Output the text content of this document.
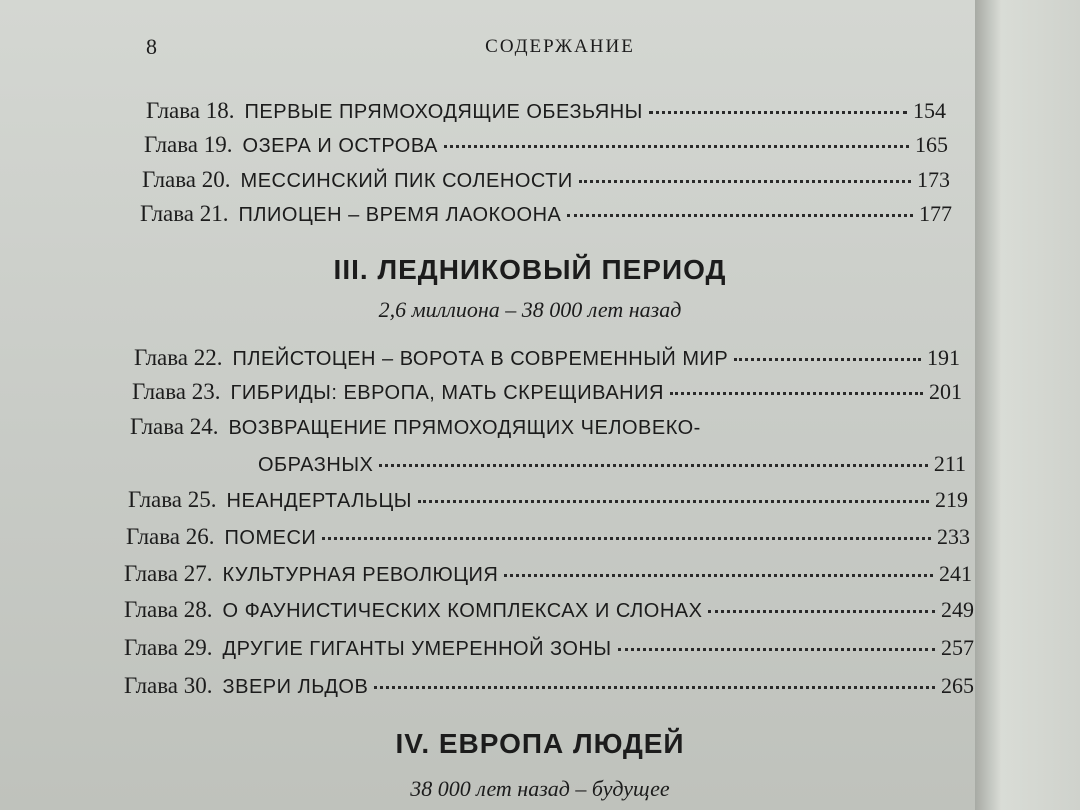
8	СОДЕРЖАНИЕ
Глава 18. ПЕРВЫЕ ПРЯМОХОДЯЩИЕ ОБЕЗЬЯНЫ	154
Глава 19. ОЗЕРА И ОСТРОВА	165
Глава 20. МЕССИНСКИЙ ПИК СОЛЕНОСТИ	173
Глава 21. ПЛИОЦЕН – ВРЕМЯ ЛАОКООНА	177
III. ЛЕДНИКОВЫЙ ПЕРИОД
2,6 миллиона – 38 000 лет назад
Глава 22. ПЛЕЙСТОЦЕН – ВОРОТА В СОВРЕМЕННЫЙ МИР	191
Глава 23. ГИБРИДЫ: ЕВРОПА, МАТЬ СКРЕЩИВАНИЯ	201
Глава 24. ВОЗВРАЩЕНИЕ ПРЯМОХОДЯЩИХ ЧЕЛОВЕКО-
ОБРАЗНЫХ	211
Глава 25. НЕАНДЕРТАЛЬЦЫ	219
Глава 26. ПОМЕСИ	233
Глава 27. КУЛЬТУРНАЯ РЕВОЛЮЦИЯ	241
Глава 28. О ФАУНИСТИЧЕСКИХ КОМПЛЕКСАХ И СЛОНАХ	249
Глава 29. ДРУГИЕ ГИГАНТЫ УМЕРЕННОЙ ЗОНЫ	257
Глава 30. ЗВЕРИ ЛЬДОВ	265
IV. ЕВРОПА ЛЮДЕЙ
38 000 лет назад – будущее
